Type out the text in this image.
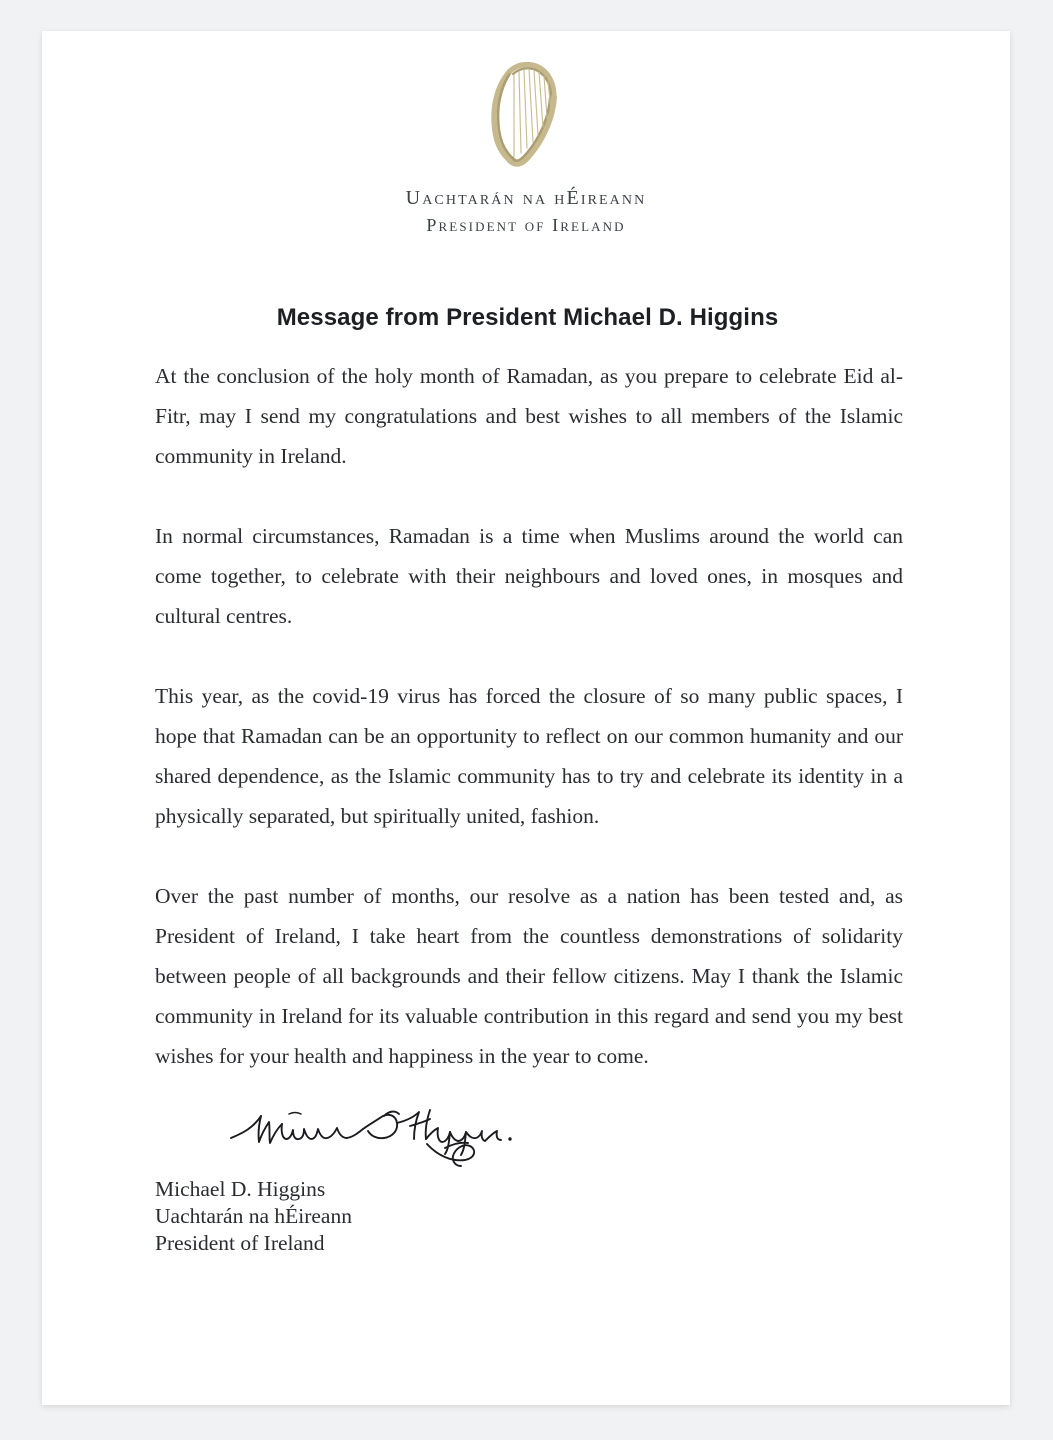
Uachtarán na hÉireann
President of Ireland
Message from President Michael D. Higgins

At the conclusion of the holy month of Ramadan, as you prepare to celebrate Eid al-Fitr, may I send my congratulations and best wishes to all members of the Islamic community in Ireland.

In normal circumstances, Ramadan is a time when Muslims around the world can come together, to celebrate with their neighbours and loved ones, in mosques and cultural centres.

This year, as the covid-19 virus has forced the closure of so many public spaces, I hope that Ramadan can be an opportunity to reflect on our common humanity and our shared dependence, as the Islamic community has to try and celebrate its identity in a physically separated, but spiritually united, fashion.

Over the past number of months, our resolve as a nation has been tested and, as President of Ireland, I take heart from the countless demonstrations of solidarity between people of all backgrounds and their fellow citizens. May I thank the Islamic community in Ireland for its valuable contribution in this regard and send you my best wishes for your health and happiness in the year to come.

Michael D. Higgins
Uachtarán na hÉireann
President of Ireland
